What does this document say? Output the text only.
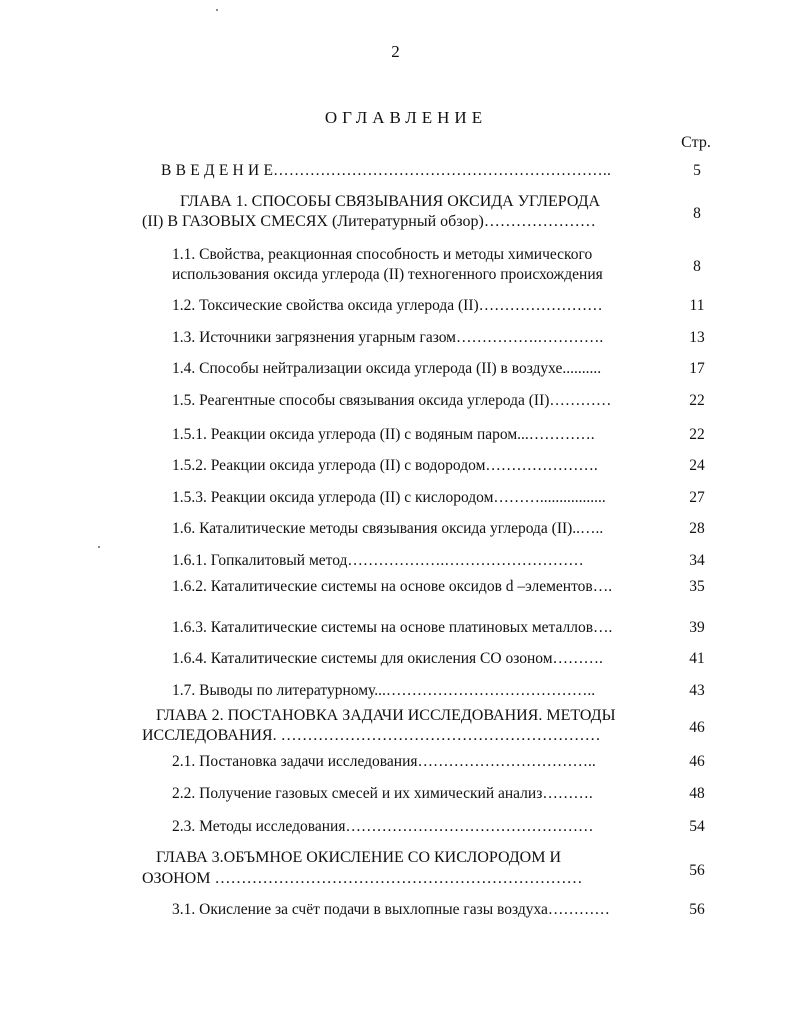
2
ОГЛАВЛЕНИЕ
Стр.
В В Е Д Е Н И Е………………………………………………………..	5
ГЛАВА 1. СПОСОБЫ СВЯЗЫВАНИЯ ОКСИДА УГЛЕРОДА
(II) В ГАЗОВЫХ СМЕСЯХ (Литературный обзор)…………………	8
1.1. Свойства, реакционная способность и методы химического
использования оксида углерода (II) техногенного происхождения	8
1.2. Токсические свойства оксида углерода (II)……………………	11
1.3. Источники загрязнения угарным газом…………….………….	13
1.4. Способы нейтрализации оксида углерода (II) в воздухе..........	17
1.5. Реагентные способы связывания оксида углерода (II)…………	22
1.5.1. Реакции оксида углерода (II) с водяным паром...………….	22
1.5.2. Реакции оксида углерода (II) с водородом………………….	24
1.5.3. Реакции оксида углерода (II) с кислородом……….................	27
1.6. Каталитические методы связывания оксида углерода (II)..…..	28
1.6.1. Гопкалитовый метод……………….………………………	34
1.6.2. Каталитические системы на основе оксидов d –элементов….	35
1.6.3. Каталитические системы на основе платиновых металлов….	39
1.6.4. Каталитические системы для окисления СО озоном……….	41
1.7. Выводы по литературному...…………………………………..	43
ГЛАВА 2. ПОСТАНОВКА ЗАДАЧИ ИССЛЕДОВАНИЯ. МЕТОДЫ
ИССЛЕДОВАНИЯ. ……………………………………………………	46
2.1. Постановка задачи исследования……………………………..	46
2.2. Получение газовых смесей и их химический анализ……….	48
2.3. Методы исследования…………………………………………	54
ГЛАВА 3.ОБЪМНОЕ ОКИСЛЕНИЕ СО КИСЛОРОДОМ И
ОЗОНОМ ……………………………………………………………	56
3.1. Окисление за счёт подачи в выхлопные газы воздуха…………	56
